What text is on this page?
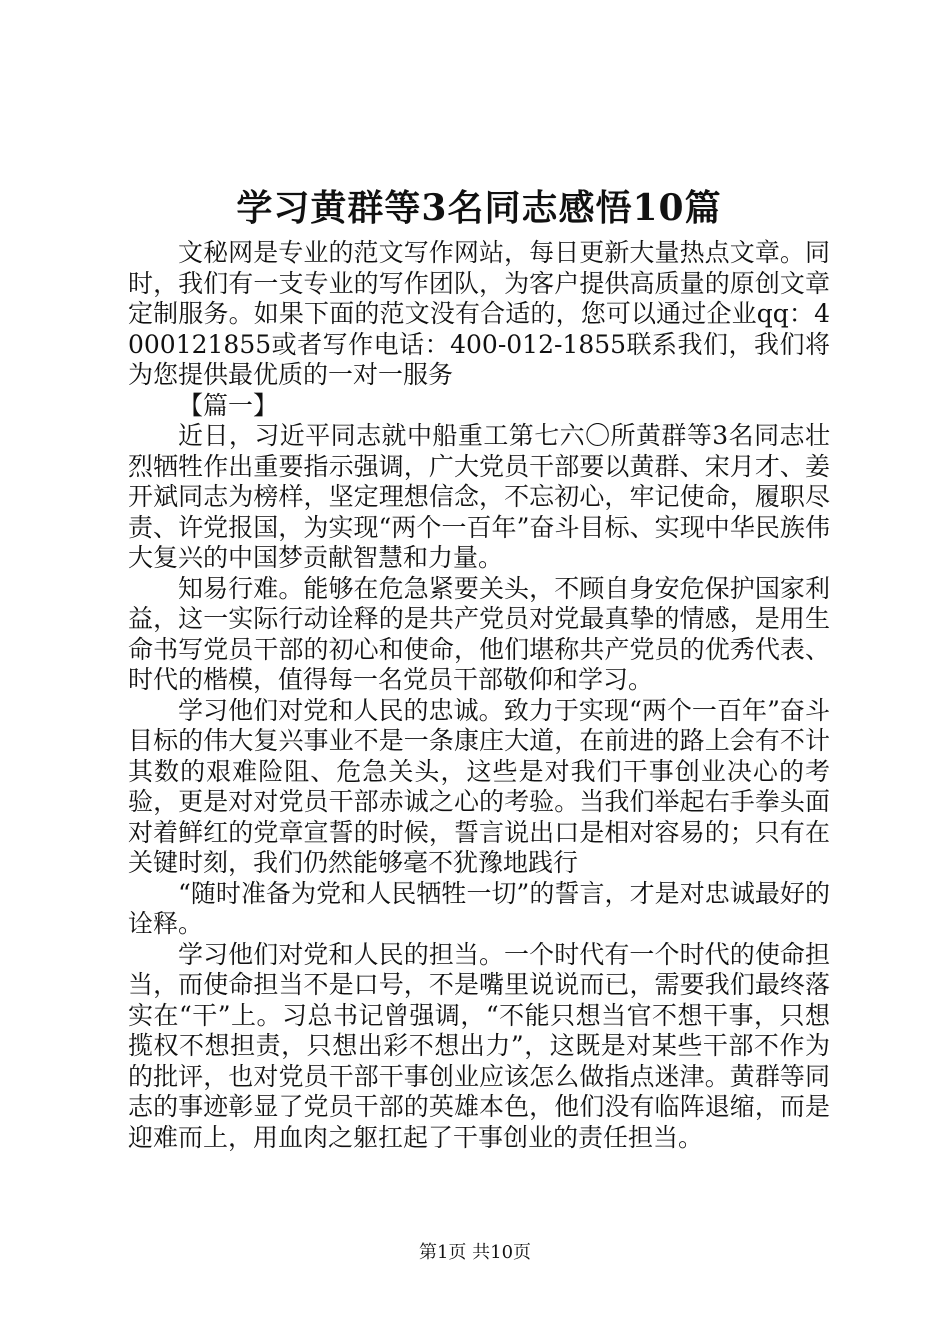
学习黄群等3名同志感悟10篇

文秘网是专业的范文写作网站，每日更新大量热点文章。同时，我们有一支专业的写作团队，为客户提供高质量的原创文章定制服务。如果下面的范文没有合适的，您可以通过企业qq：4000121855或者写作电话：400-012-1855联系我们，我们将为您提供最优质的一对一服务

【篇一】

近日，习近平同志就中船重工第七六〇所黄群等3名同志壮烈牺牲作出重要指示强调，广大党员干部要以黄群、宋月才、姜开斌同志为榜样，坚定理想信念，不忘初心，牢记使命，履职尽责、许党报国，为实现“两个一百年”奋斗目标、实现中华民族伟大复兴的中国梦贡献智慧和力量。

知易行难。能够在危急紧要关头，不顾自身安危保护国家利益，这一实际行动诠释的是共产党员对党最真挚的情感，是用生命书写党员干部的初心和使命，他们堪称共产党员的优秀代表、时代的楷模，值得每一名党员干部敬仰和学习。

学习他们对党和人民的忠诚。致力于实现“两个一百年”奋斗目标的伟大复兴事业不是一条康庄大道，在前进的路上会有不计其数的艰难险阻、危急关头，这些是对我们干事创业决心的考验，更是对对党员干部赤诚之心的考验。当我们举起右手拳头面对着鲜红的党章宣誓的时候，誓言说出口是相对容易的；只有在关键时刻，我们仍然能够毫不犹豫地践行

“随时准备为党和人民牺牲一切”的誓言，才是对忠诚最好的诠释。

学习他们对党和人民的担当。一个时代有一个时代的使命担当，而使命担当不是口号，不是嘴里说说而已，需要我们最终落实在“干”上。习总书记曾强调，“不能只想当官不想干事，只想揽权不想担责，只想出彩不想出力”，这既是对某些干部不作为的批评，也对党员干部干事创业应该怎么做指点迷津。黄群等同志的事迹彰显了党员干部的英雄本色，他们没有临阵退缩，而是迎难而上，用血肉之躯扛起了干事创业的责任担当。

第1页 共10页
